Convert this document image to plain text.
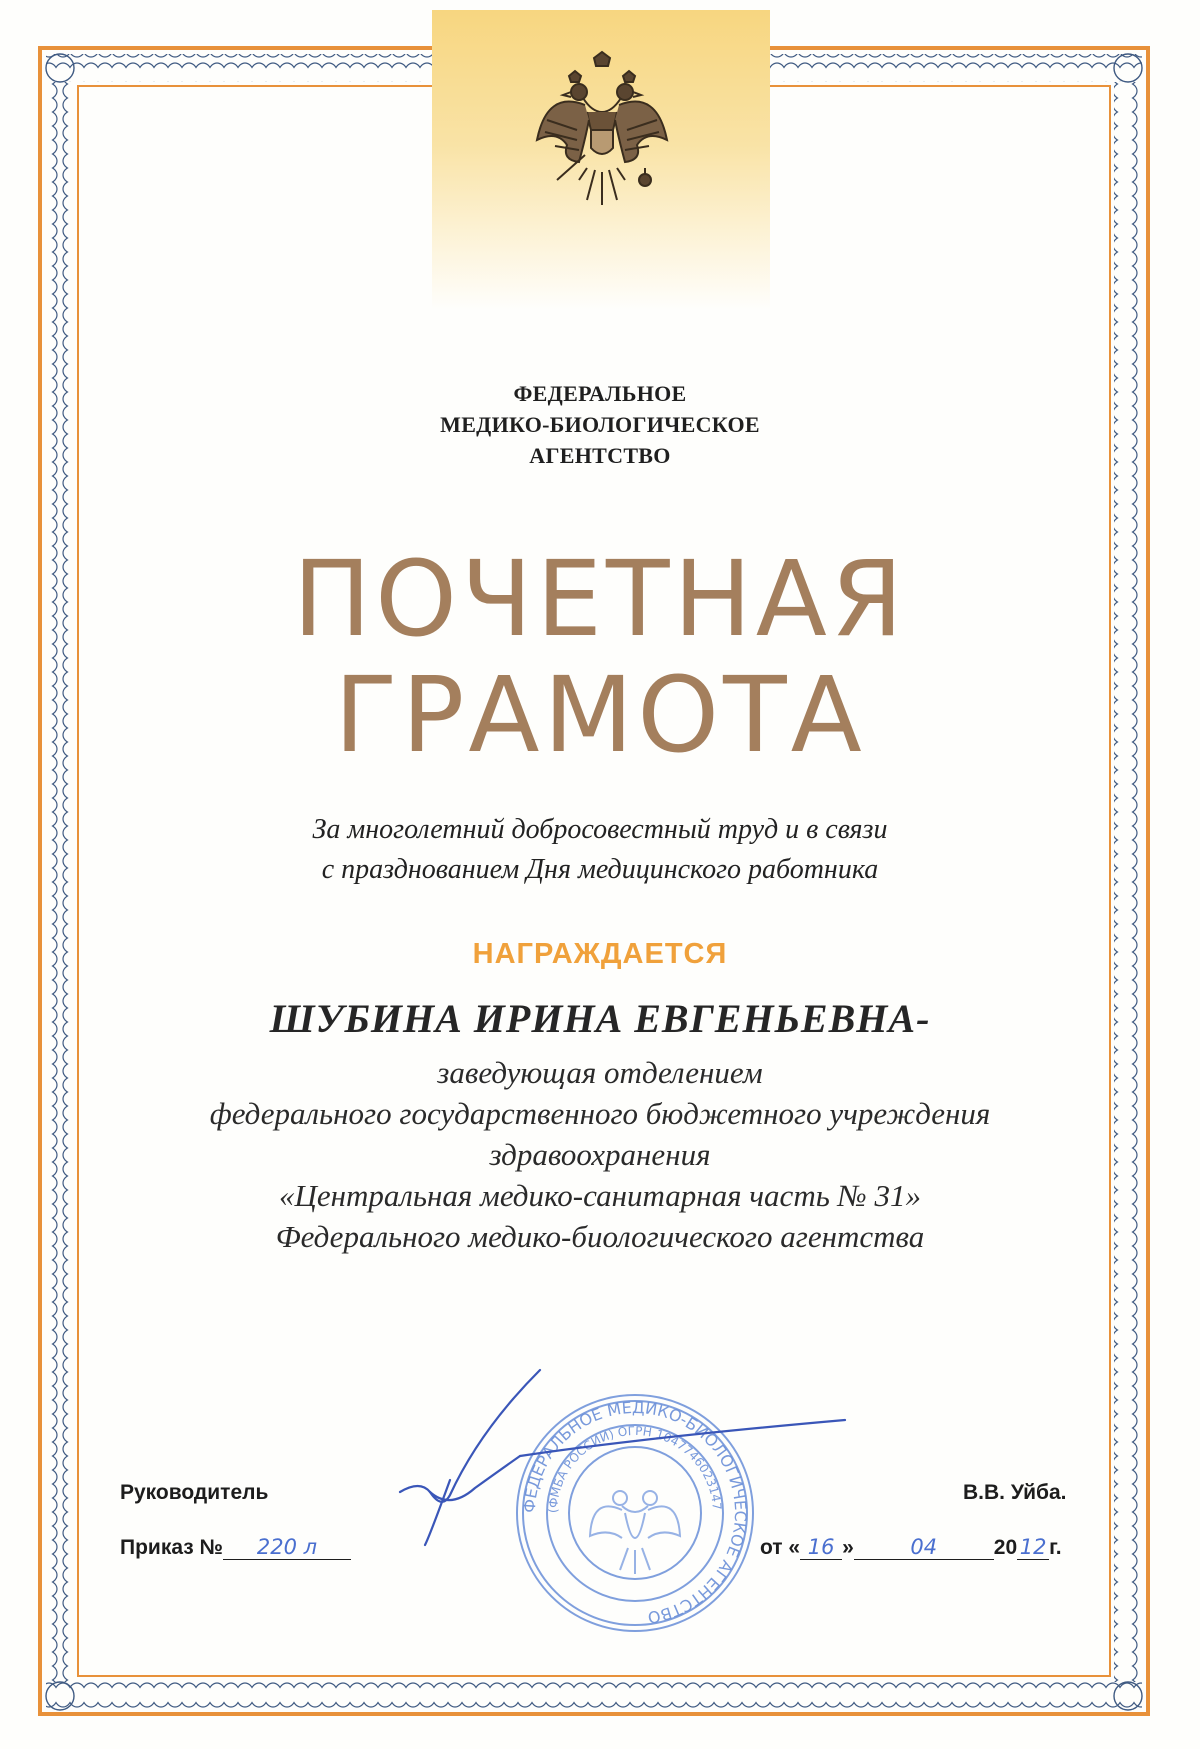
ФЕДЕРАЛЬНОЕ
МЕДИКО-БИОЛОГИЧЕСКОЕ
АГЕНТСТВО
ПОЧЕТНАЯ
ГРАМОТА
За многолетний добросовестный труд и в связи
с празднованием Дня медицинского работника
НАГРАЖДАЕТСЯ
ШУБИНА ИРИНА ЕВГЕНЬЕВНА-
заведующая отделением
федерального государственного бюджетного учреждения
здравоохранения
«Центральная медико-санитарная часть № 31»
Федерального медико-биологического агентства
ФЕДЕРАЛЬНОЕ МЕДИКО-БИОЛОГИЧЕСКОЕ АГЕНТСТВО
(ФМБА РОССИИ) ОГРН 1047746023147
Руководитель	В.В. Уйба.
Приказ № 220 л	от « 16 »	04	20 12 г.
